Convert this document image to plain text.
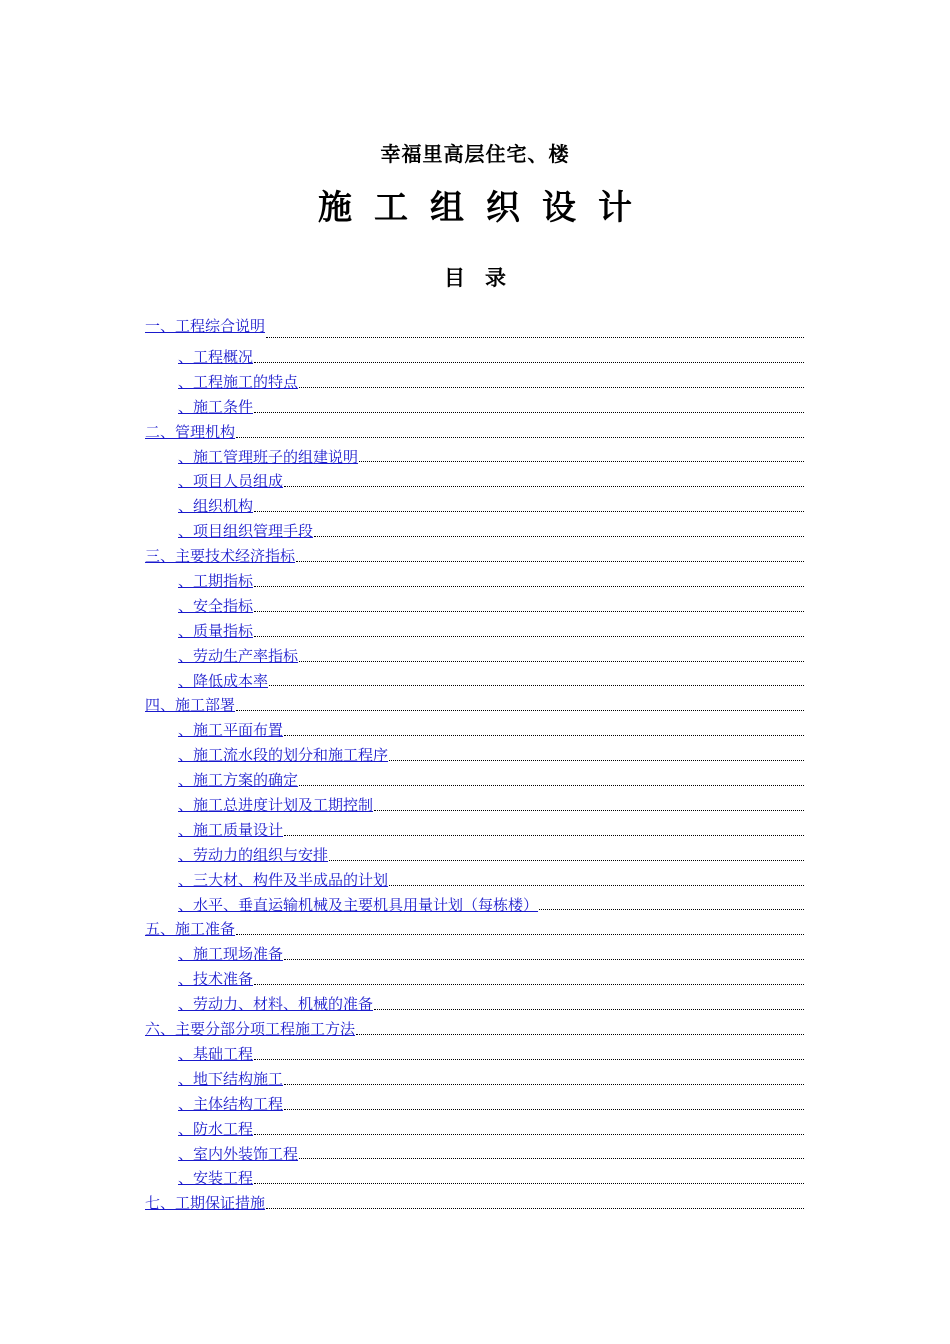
幸福里高层住宅、楼
施工组织设计
目录
一、工程综合说明
、工程概况
、工程施工的特点
、施工条件
二、管理机构
、施工管理班子的组建说明
、项目人员组成
、组织机构
、项目组织管理手段
三、主要技术经济指标
、工期指标
、安全指标
、质量指标
、劳动生产率指标
、降低成本率
四、施工部署
、施工平面布置
、施工流水段的划分和施工程序
、施工方案的确定
、施工总进度计划及工期控制
、施工质量设计
、劳动力的组织与安排
、三大材、构件及半成品的计划
、水平、垂直运输机械及主要机具用量计划（每栋楼）
五、施工准备
、施工现场准备
、技术准备
、劳动力、材料、机械的准备
六、主要分部分项工程施工方法
、基础工程
、地下结构施工
、主体结构工程
、防水工程
、室内外装饰工程
、安装工程
七、工期保证措施
